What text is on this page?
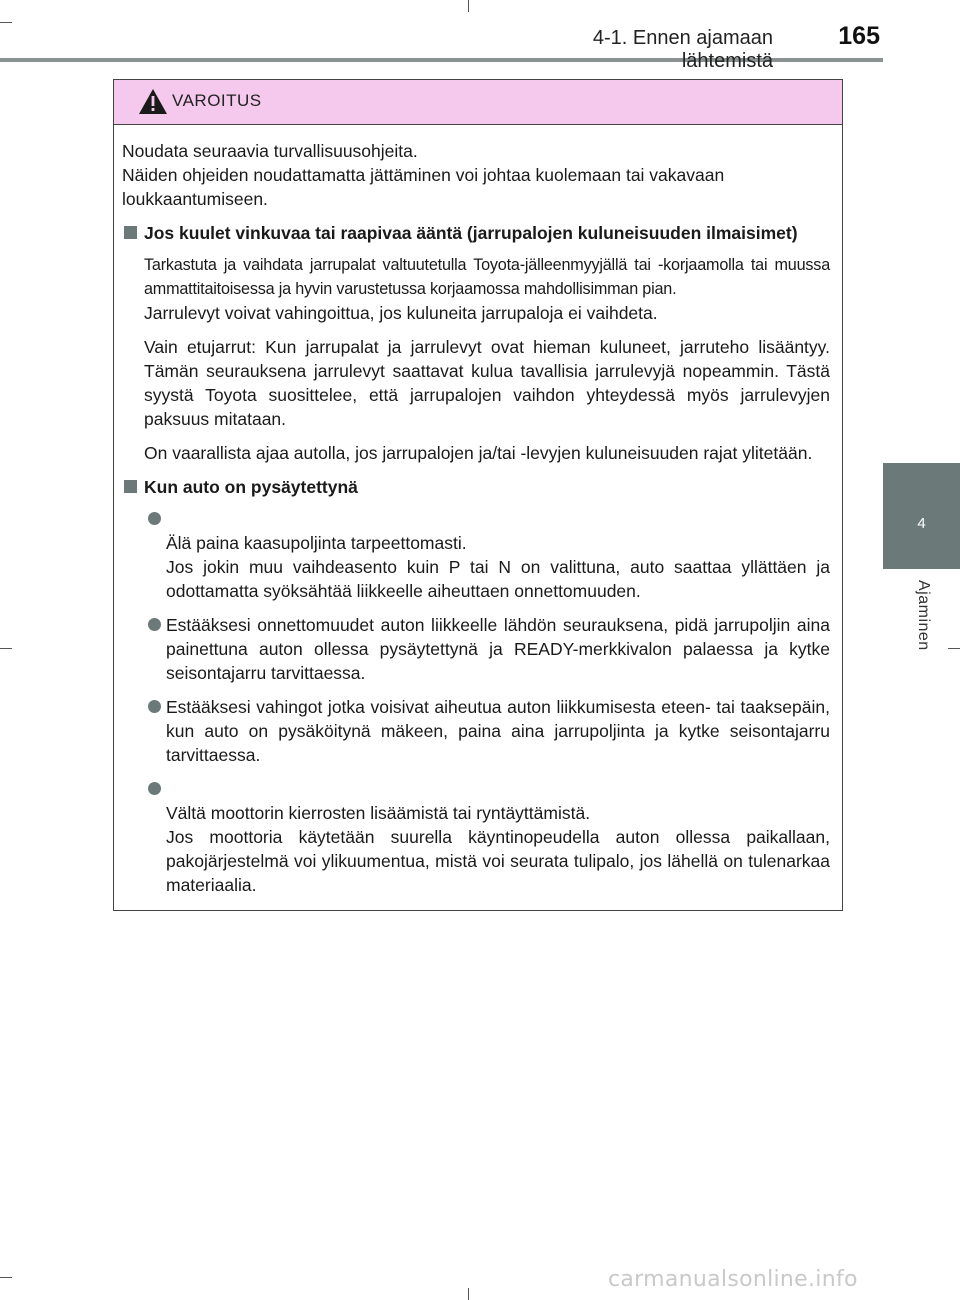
4-1. Ennen ajamaan lähtemistä
165
4
Ajaminen
VAROITUS

Noudata seuraavia turvallisuusohjeita.
Näiden ohjeiden noudattamatta jättäminen voi johtaa kuolemaan tai vakavaan loukkaantumiseen.

Jos kuulet vinkuvaa tai raapivaa ääntä (jarrupalojen kuluneisuuden ilmaisimet)

Tarkastuta ja vaihdata jarrupalat valtuutetulla Toyota-jälleenmyyjällä tai -korjaamolla tai muussa ammattitaitoisessa ja hyvin varustetussa korjaamossa mahdollisimman pian.

Jarrulevyt voivat vahingoittua, jos kuluneita jarrupaloja ei vaihdeta.

Vain etujarrut: Kun jarrupalat ja jarrulevyt ovat hieman kuluneet, jarruteho lisääntyy. Tämän seurauksena jarrulevyt saattavat kulua tavallisia jarrulevyjä nopeammin. Tästä syystä Toyota suosittelee, että jarrupalojen vaihdon yhteydessä myös jarrulevyjen paksuus mitataan.

On vaarallista ajaa autolla, jos jarrupalojen ja/tai -levyjen kuluneisuuden rajat ylitetään.

Kun auto on pysäytettynä

Älä paina kaasupoljinta tarpeettomasti.
Jos jokin muu vaihdeasento kuin P tai N on valittuna, auto saattaa yllättäen ja odottamatta syöksähtää liikkeelle aiheuttaen onnettomuuden.

Estääksesi onnettomuudet auton liikkeelle lähdön seurauksena, pidä jarrupoljin aina painettuna auton ollessa pysäytettynä ja READY-merkkivalon palaessa ja kytke seisontajarru tarvittaessa.
Estääksesi vahingot jotka voisivat aiheutua auton liikkumisesta eteen- tai taaksepäin, kun auto on pysäköitynä mäkeen, paina aina jarrupoljinta ja kytke seisontajarru tarvittaessa.

Vältä moottorin kierrosten lisäämistä tai ryntäyttämistä.
Jos moottoria käytetään suurella käyntinopeudella auton ollessa paikallaan, pakojärjestelmä voi ylikuumentua, mistä voi seurata tulipalo, jos lähellä on tulenarkaa materiaalia.

carmanualsonline.info
